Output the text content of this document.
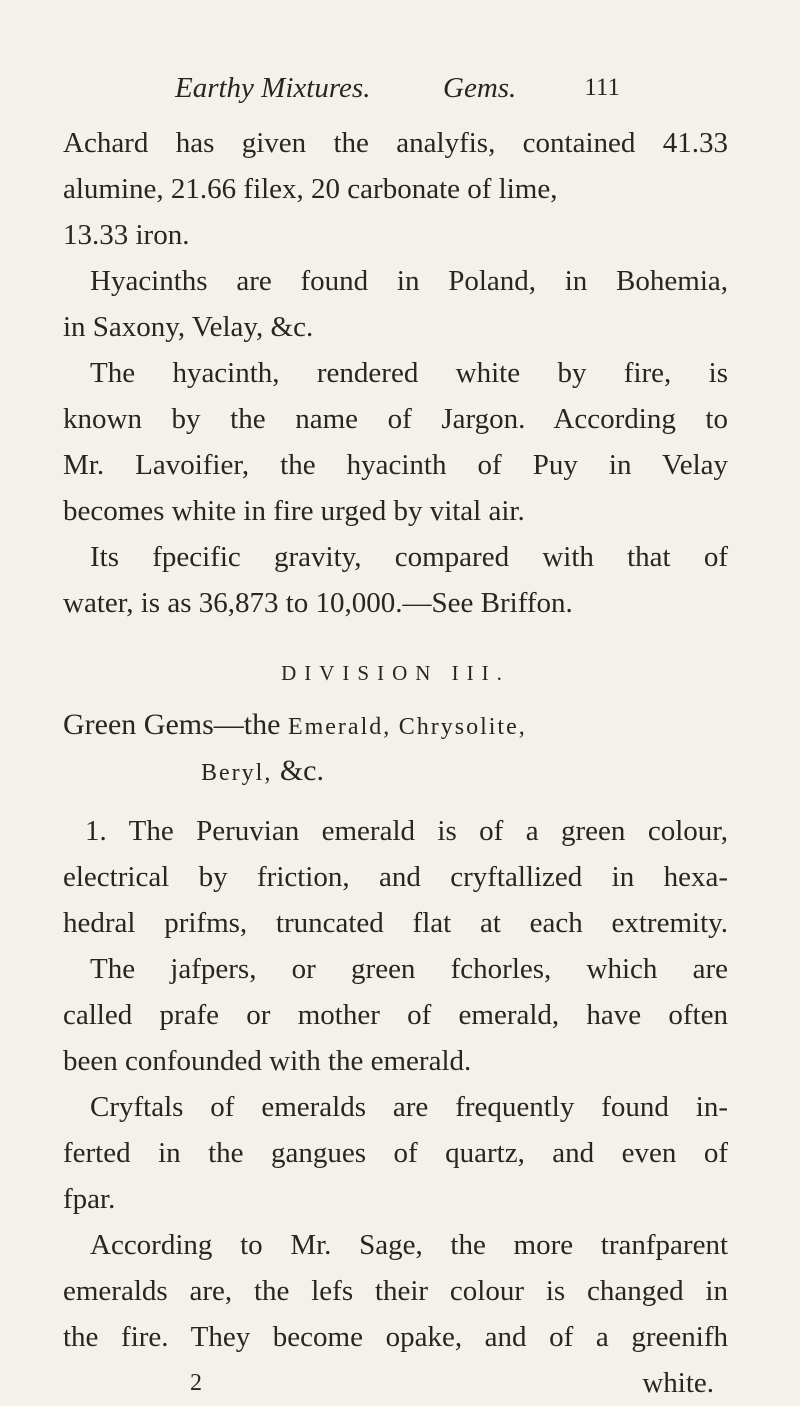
Earthy Mixtures.	Gems.	111
Achard has given the analyfis, contained 41.33
alumine, 21.66 filex, 20 carbonate of lime,
13.33 iron.
Hyacinths are found in Poland, in Bohemia,
in Saxony, Velay, &c.
The hyacinth, rendered white by fire, is
known by the name of Jargon. According to
Mr. Lavoifier, the hyacinth of Puy in Velay
becomes white in fire urged by vital air.
Its fpecific gravity, compared with that of
water, is as 36,873 to 10,000.—See Briffon.
DIVISION III.
Green Gems—the Emerald, Chrysolite,
Beryl, &c.
1. The Peruvian emerald is of a green colour,
electrical by friction, and cryftallized in hexa-
hedral prifms, truncated flat at each extremity.
The jafpers, or green fchorles, which are
called prafe or mother of emerald, have often
been confounded with the emerald.
Cryftals of emeralds are frequently found in-
ferted in the gangues of quartz, and even of
fpar.
According to Mr. Sage, the more tranfparent
emeralds are, the lefs their colour is changed in
the fire. They become opake, and of a greenifh
2	white.
